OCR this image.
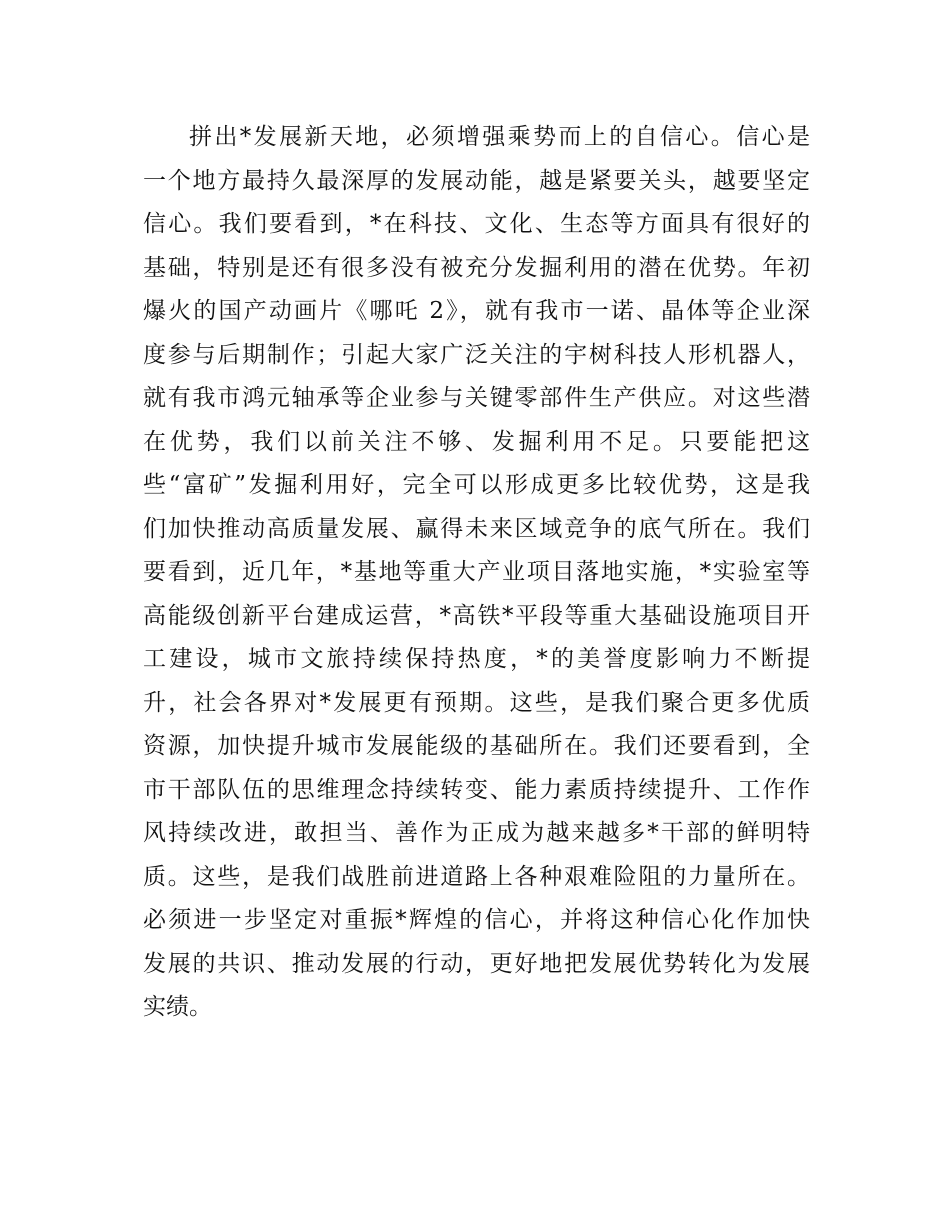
拼出*发展新天地，必须增强乘势而上的自信心。信心是
一个地方最持久最深厚的发展动能，越是紧要关头，越要坚定
信心。我们要看到，*在科技、文化、生态等方面具有很好的
基础，特别是还有很多没有被充分发掘利用的潜在优势。年初
爆火的国产动画片《哪吒 2》，就有我市一诺、晶体等企业深
度参与后期制作；引起大家广泛关注的宇树科技人形机器人，
就有我市鸿元轴承等企业参与关键零部件生产供应。对这些潜
在优势，我们以前关注不够、发掘利用不足。只要能把这
些“富矿”发掘利用好，完全可以形成更多比较优势，这是我
们加快推动高质量发展、赢得未来区域竞争的底气所在。我们
要看到，近几年，*基地等重大产业项目落地实施，*实验室等
高能级创新平台建成运营，*高铁*平段等重大基础设施项目开
工建设，城市文旅持续保持热度，*的美誉度影响力不断提
升，社会各界对*发展更有预期。这些，是我们聚合更多优质
资源，加快提升城市发展能级的基础所在。我们还要看到，全
市干部队伍的思维理念持续转变、能力素质持续提升、工作作
风持续改进，敢担当、善作为正成为越来越多*干部的鲜明特
质。这些，是我们战胜前进道路上各种艰难险阻的力量所在。
必须进一步坚定对重振*辉煌的信心，并将这种信心化作加快
发展的共识、推动发展的行动，更好地把发展优势转化为发展
实绩。
